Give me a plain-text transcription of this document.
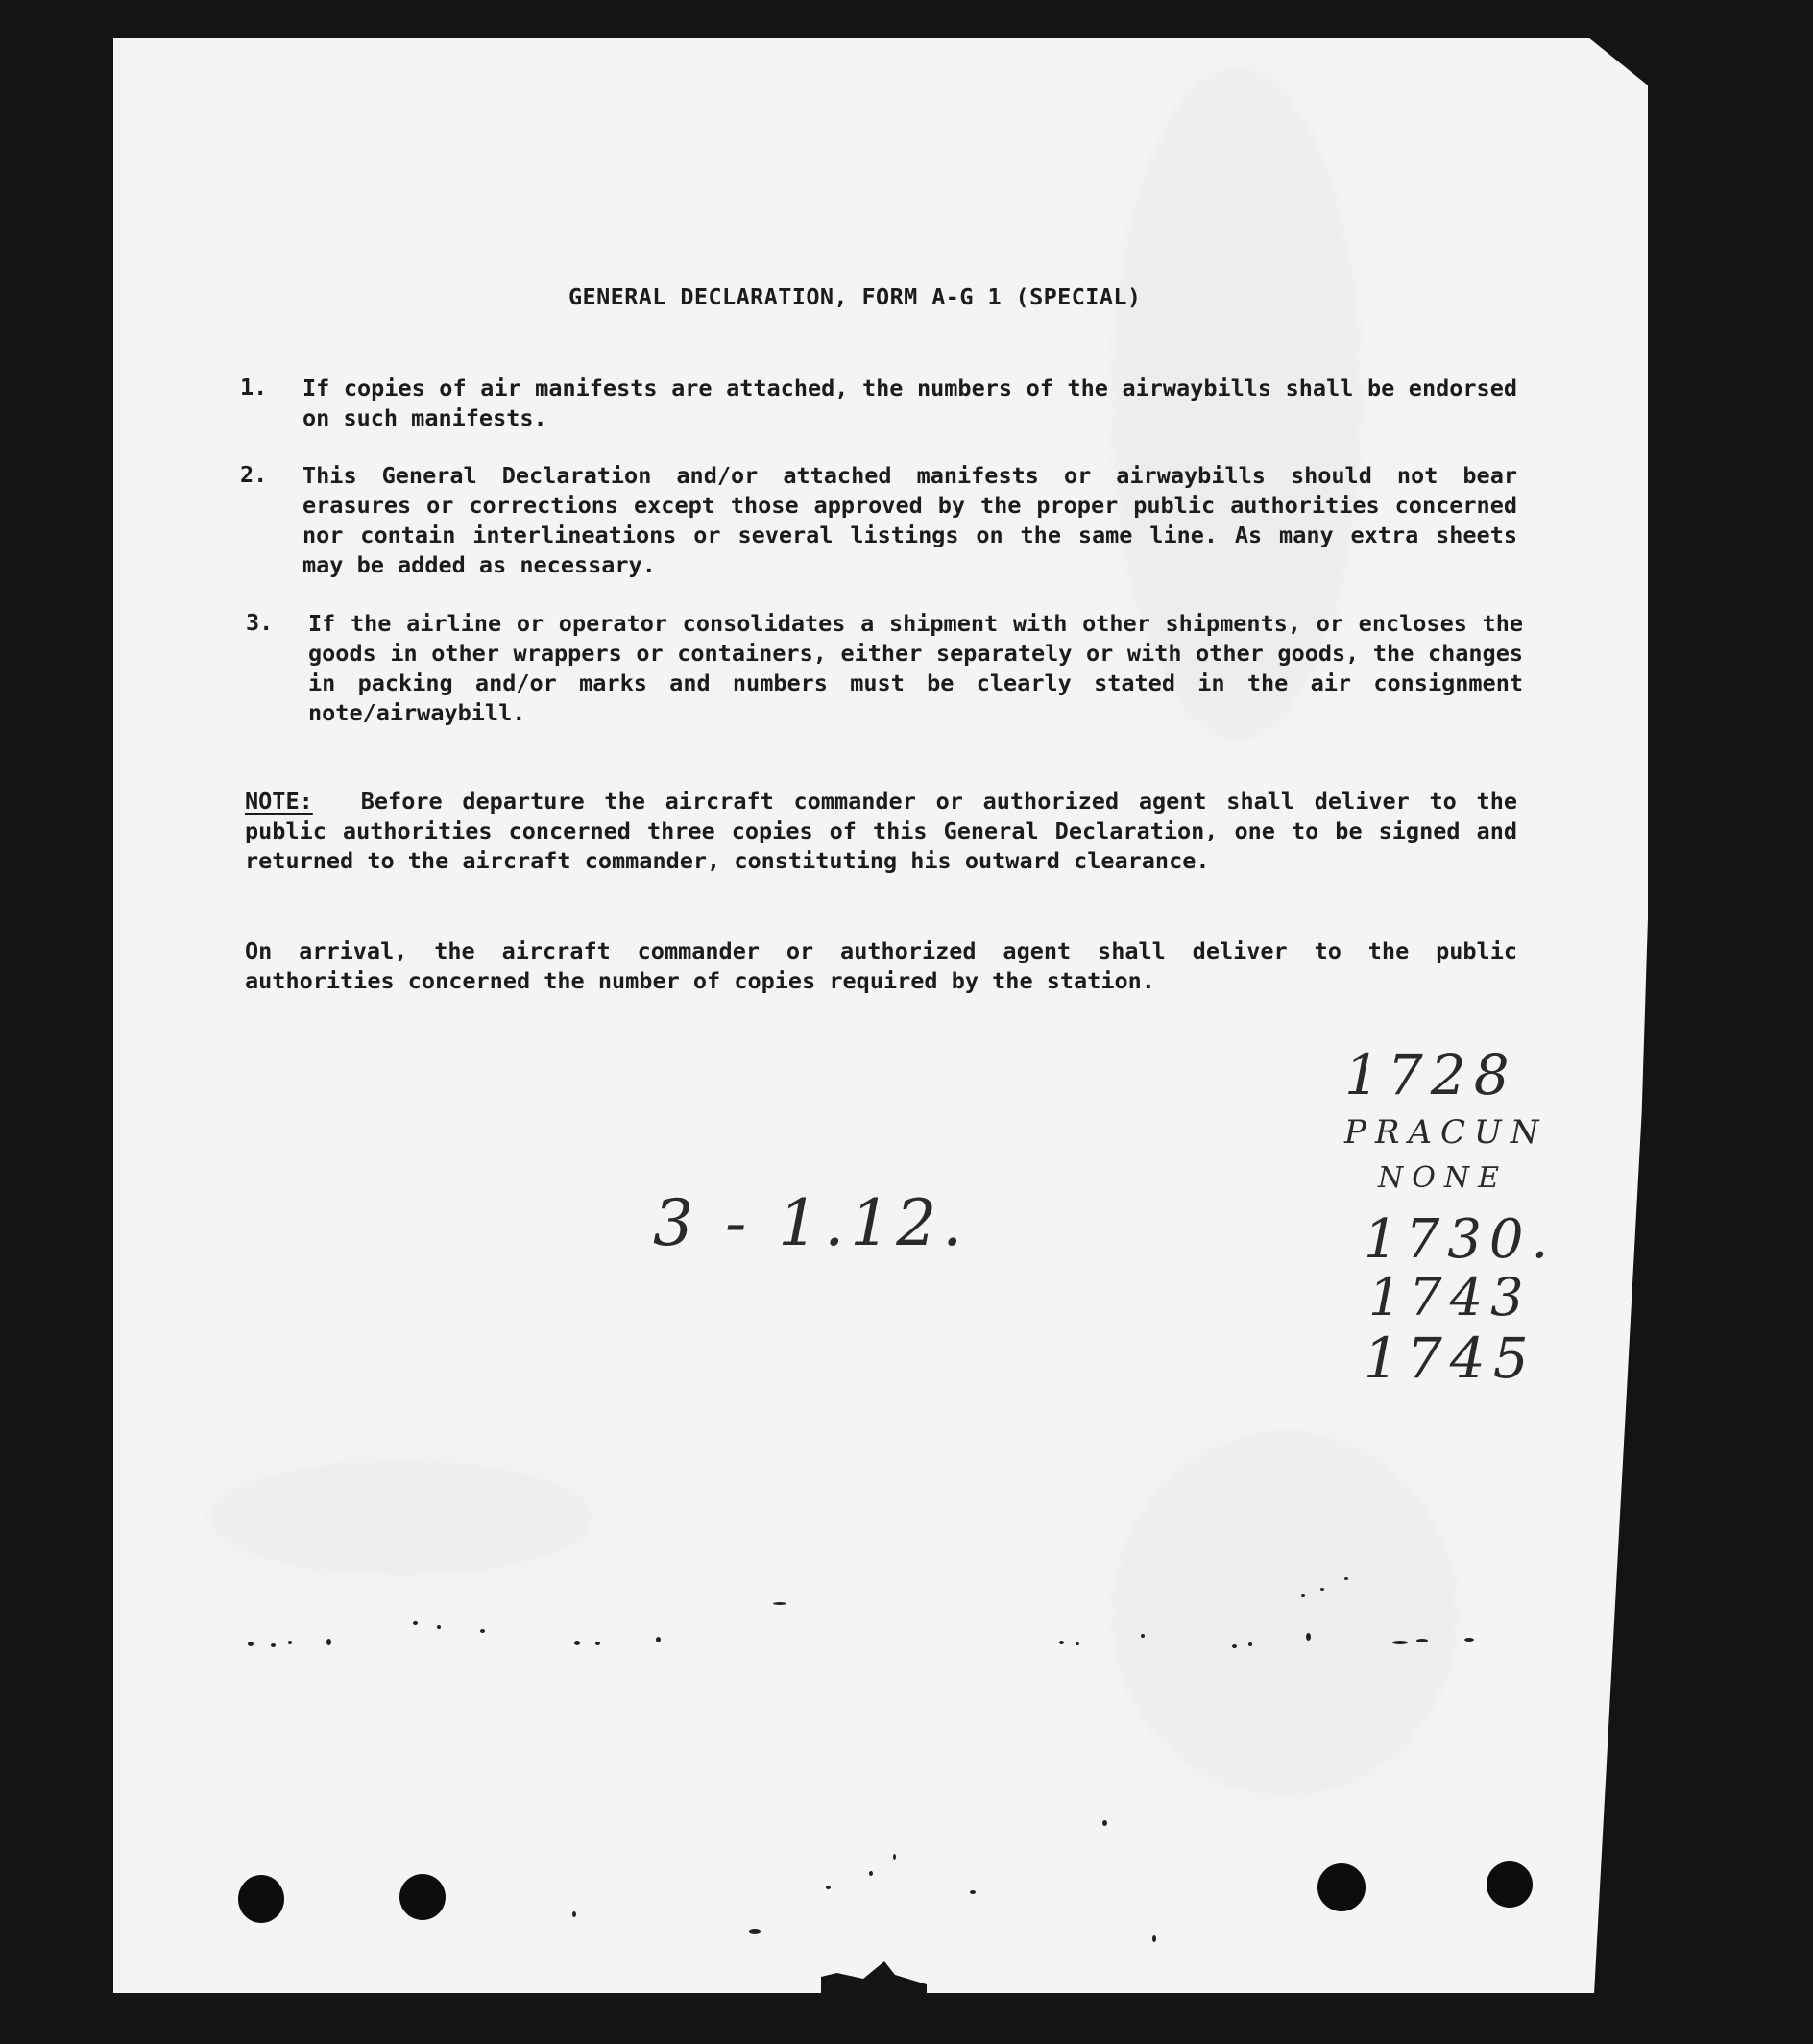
GENERAL DECLARATION, FORM A-G 1 (SPECIAL)
1. If copies of air manifests are attached, the numbers of the airwaybills shall be endorsed on such manifests.
2. This General Declaration and/or attached manifests or airwaybills should not bear erasures or corrections except those approved by the proper public authorities concerned nor contain interlineations or several listings on the same line. As many extra sheets may be added as necessary.
3. If the airline or operator consolidates a shipment with other shipments, or encloses the goods in other wrappers or containers, either separately or with other goods, the changes in packing and/or marks and numbers must be clearly stated in the air consignment note/airwaybill.
NOTE: Before departure the aircraft commander or authorized agent shall deliver to the public authorities concerned three copies of this General Declaration, one to be signed and returned to the aircraft commander, constituting his outward clearance.
On arrival, the aircraft commander or authorized agent shall deliver to the public authorities concerned the number of copies required by the station.
3 - 1.12.
1728
PRACUN
NONE
1730.
1743
1745
